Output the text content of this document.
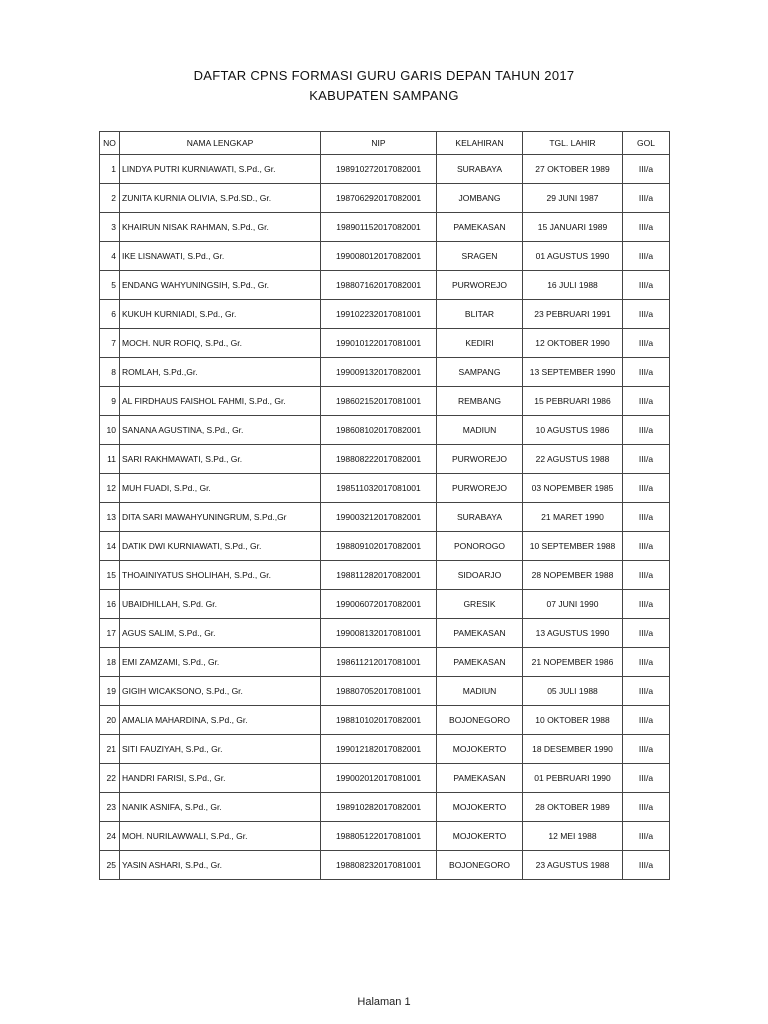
DAFTAR CPNS FORMASI GURU GARIS DEPAN TAHUN 2017
KABUPATEN SAMPANG
NO	NAMA LENGKAP	NIP	KELAHIRAN	TGL. LAHIR	GOL
1	LINDYA PUTRI KURNIAWATI, S.Pd., Gr.	198910272017082001	SURABAYA	27 OKTOBER 1989	III/a
2	ZUNITA KURNIA OLIVIA, S.Pd.SD., Gr.	198706292017082001	JOMBANG	29 JUNI 1987	III/a
3	KHAIRUN NISAK RAHMAN, S.Pd., Gr.	198901152017082001	PAMEKASAN	15 JANUARI 1989	III/a
4	IKE LISNAWATI, S.Pd., Gr.	199008012017082001	SRAGEN	01 AGUSTUS 1990	III/a
5	ENDANG WAHYUNINGSIH, S.Pd., Gr.	198807162017082001	PURWOREJO	16 JULI 1988	III/a
6	KUKUH KURNIADI, S.Pd., Gr.	199102232017081001	BLITAR	23 PEBRUARI 1991	III/a
7	MOCH. NUR ROFIQ, S.Pd., Gr.	199010122017081001	KEDIRI	12 OKTOBER 1990	III/a
8	ROMLAH, S.Pd.,Gr.	199009132017082001	SAMPANG	13 SEPTEMBER 1990	III/a
9	AL FIRDHAUS FAISHOL FAHMI, S.Pd., Gr.	198602152017081001	REMBANG	15 PEBRUARI 1986	III/a
10	SANANA AGUSTINA, S.Pd., Gr.	198608102017082001	MADIUN	10 AGUSTUS 1986	III/a
11	SARI RAKHMAWATI, S.Pd., Gr.	198808222017082001	PURWOREJO	22 AGUSTUS 1988	III/a
12	MUH FUADI, S.Pd., Gr.	198511032017081001	PURWOREJO	03 NOPEMBER 1985	III/a
13	DITA SARI MAWAHYUNINGRUM, S.Pd.,Gr	199003212017082001	SURABAYA	21 MARET 1990	III/a
14	DATIK DWI KURNIAWATI, S.Pd., Gr.	198809102017082001	PONOROGO	10 SEPTEMBER 1988	III/a
15	THOAINIYATUS SHOLIHAH, S.Pd., Gr.	198811282017082001	SIDOARJO	28 NOPEMBER 1988	III/a
16	UBAIDHILLAH, S.Pd. Gr.	199006072017082001	GRESIK	07 JUNI 1990	III/a
17	AGUS SALIM, S.Pd., Gr.	199008132017081001	PAMEKASAN	13 AGUSTUS 1990	III/a
18	EMI ZAMZAMI, S.Pd., Gr.	198611212017081001	PAMEKASAN	21 NOPEMBER 1986	III/a
19	GIGIH WICAKSONO, S.Pd., Gr.	198807052017081001	MADIUN	05 JULI 1988	III/a
20	AMALIA MAHARDINA, S.Pd., Gr.	198810102017082001	BOJONEGORO	10 OKTOBER 1988	III/a
21	SITI FAUZIYAH, S.Pd., Gr.	199012182017082001	MOJOKERTO	18 DESEMBER 1990	III/a
22	HANDRI FARISI, S.Pd., Gr.	199002012017081001	PAMEKASAN	01 PEBRUARI 1990	III/a
23	NANIK ASNIFA, S.Pd., Gr.	198910282017082001	MOJOKERTO	28 OKTOBER 1989	III/a
24	MOH. NURILAWWALI, S.Pd., Gr.	198805122017081001	MOJOKERTO	12 MEI 1988	III/a
25	YASIN ASHARI, S.Pd., Gr.	198808232017081001	BOJONEGORO	23 AGUSTUS 1988	III/a
Halaman 1
